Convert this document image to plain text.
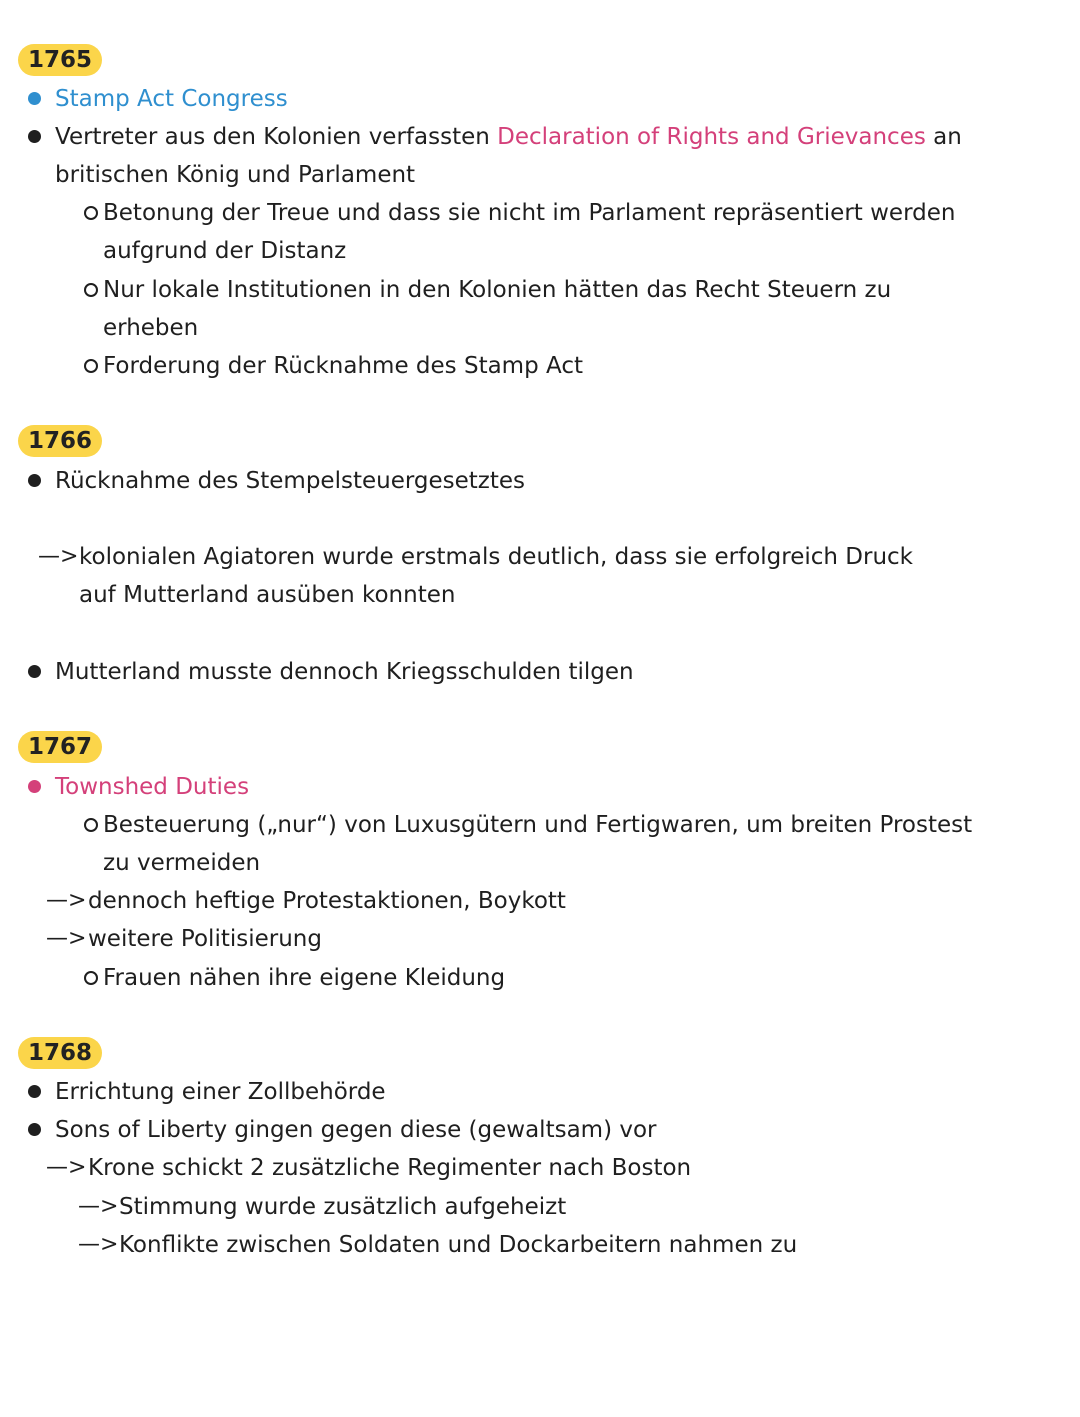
1765
Stamp Act Congress
Vertreter aus den Kolonien verfassten Declaration of Rights and Grievances an
britischen König und Parlament
Betonung der Treue und dass sie nicht im Parlament repräsentiert werden
aufgrund der Distanz
Nur lokale Institutionen in den Kolonien hätten das Recht Steuern zu
erheben
Forderung der Rücknahme des Stamp Act
1766
Rücknahme des Stempelsteuergesetztes
—> kolonialen Agiatoren wurde erstmals deutlich, dass sie erfolgreich Druck
auf Mutterland ausüben konnten
Mutterland musste dennoch Kriegsschulden tilgen
1767
Townshed Duties
Besteuerung („nur“) von Luxusgütern und Fertigwaren, um breiten Prostest
zu vermeiden
—> dennoch heftige Protestaktionen, Boykott
—> weitere Politisierung
Frauen nähen ihre eigene Kleidung
1768
Errichtung einer Zollbehörde
Sons of Liberty gingen gegen diese (gewaltsam) vor
—> Krone schickt 2 zusätzliche Regimenter nach Boston
—> Stimmung wurde zusätzlich aufgeheizt
—> Konflikte zwischen Soldaten und Dockarbeitern nahmen zu
